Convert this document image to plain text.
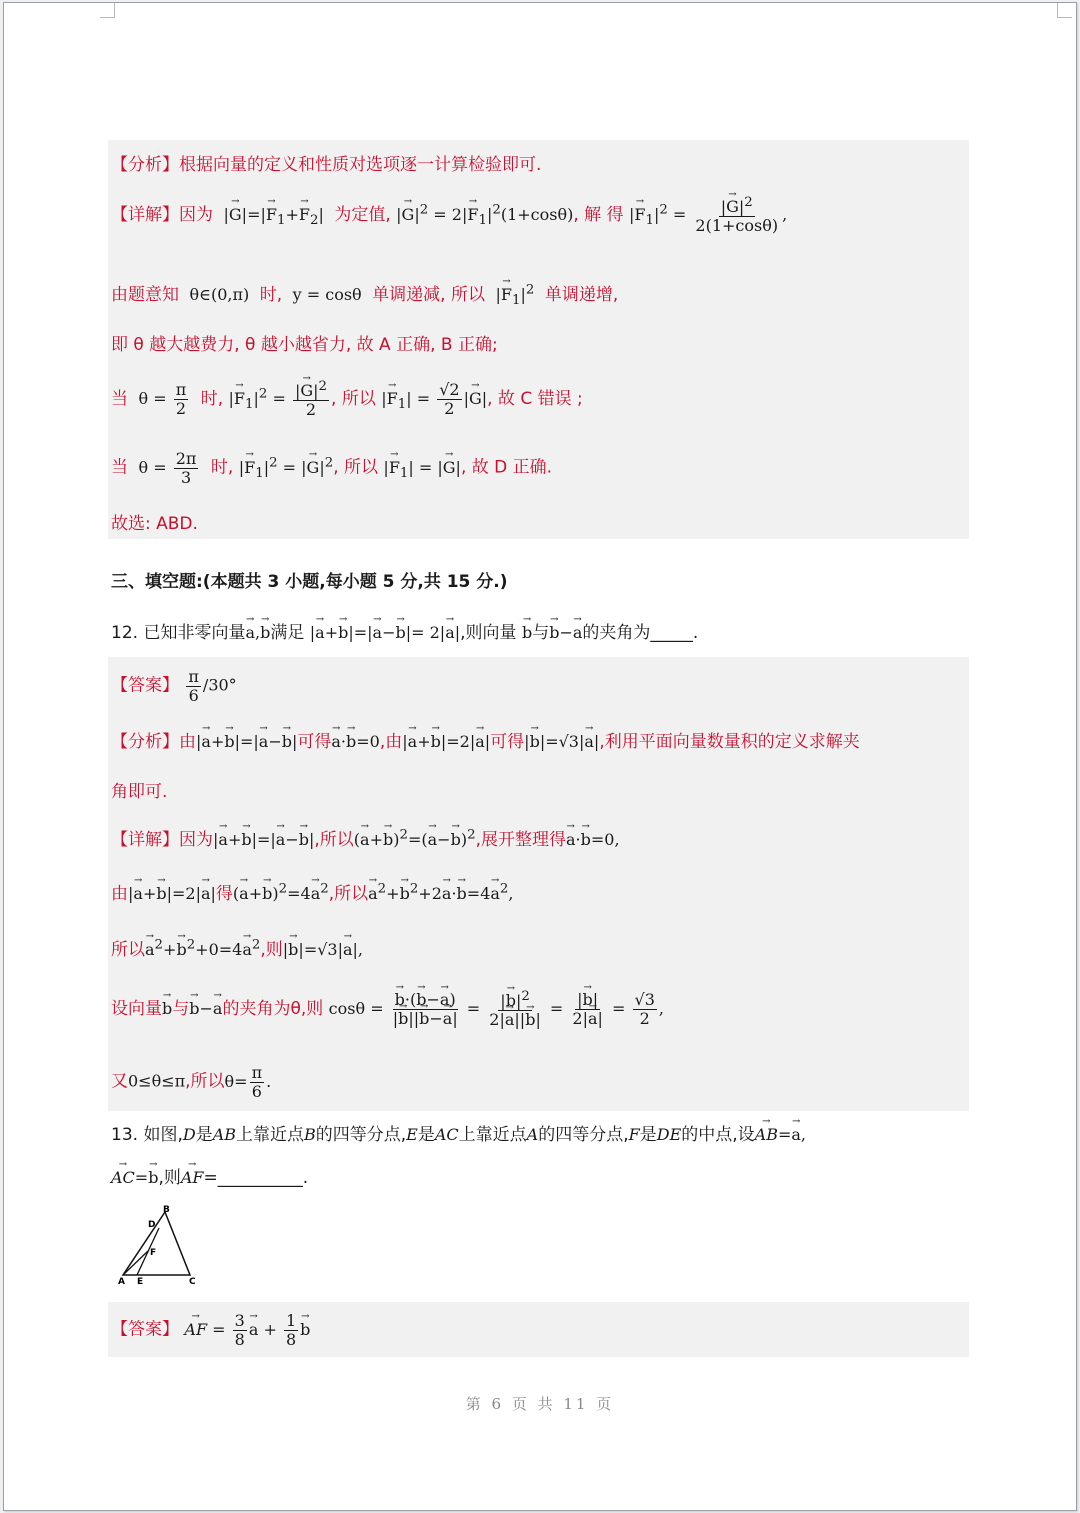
【分析】根据向量的定义和性质对选项逐一计算检验即可.
【详解】因为  |→ $G|=|\to F_1+\to F_2|$  为定值, |→ $G|^2 = 2|\to F_1|^2(1+\cos\theta)$, 解 得 |→ $F_1|^2 = \frac{|\to G|^2}{2(1+\cos\theta)}$ ,
由题意知  θ∈(0,π)  时,  y = cosθ  单调递减, 所以  |→ $F_1|^2$ 单调递增,
即 θ 越大越费力, θ 越小越省力, 故 A 正确, B 正确;
当  $\theta = \frac{\pi}{2}$ 时, |→ $F_1|^2 = \frac{|\to G|^2}{2}$ , 所以 |→ $F_1| = \frac{√2}{2}$ |→ G|, 故 C 错误 ;
当  $\theta = \frac{2\pi}{3}$ 时, |→ $F_1|^2$ = |→ $G|^2$, 所以 |→ $F_1|$ = |→ G|, 故 D 正确.
故选: ABD.
三、填空题:(本题共 3 小题,每小题 5 分,共 15 分.)
12. 已知非零向量→ a,→ b满足 |→ a+→ b|=|→ a−→ b|= 2|→ a|,则向量 → b与→ b−→ a的夹角为_____.
【答案】 $\frac{\pi}{6} /30^\circ$
【分析】由|→ a+→ b|=|→ a−→ b|可得→ a·→ b=0,由|→ a+→ b|=2|→ a|可得|→ b|=√3|→ a|,利用平面向量数量积的定义求解夹
角即可.
【详解】因为|→ a+→ b|=|→ a−→ b|,所以(→ $a+\to b)^2=(\to a-\to b)^2$,展开整理得→ a·→ b=0,
由|→ a+→ b|=2|→ a|得(→ $a+\to b)^2=4\to a^2$,所以→ $a^2+\to b^2+2\to a\cdot\to b=4\to a^2$,
所以→ $a^2+\to b^2+0=4\to a^2$,则|→ b|=√3|→ a|,
设向量→ b与→ b−→ a的夹角为θ,则 cosθ =
→ $\frac{b\cdot(\to b-\to a)}{|\to b||\to b-\to a|} = \frac{|\to b|^2}{2|\to a||\to b|} = \frac{|\to b|}{2|\to a|} = \frac{√3}{2}$ ,
又0≤θ≤π,所以$\theta= \frac{\pi}{6}$ .
13. 如图,D是AB上靠近点B的四等分点,E是AC上靠近点A的四等分点,F是DE的中点,设→ AB=→ a,
→ AC=→ b,则→ AF=__________.
B
D
F
A E	C
【答案】 → AF = $\frac{3}{8}$
→ $a + \frac{1}{8}$
→ b
第 6 页 共 11 页
